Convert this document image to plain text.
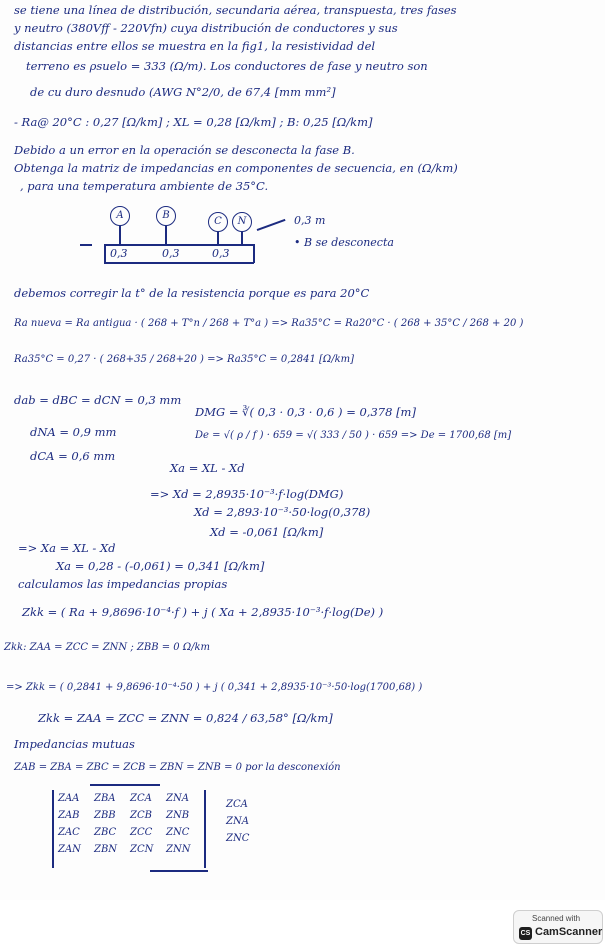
se tiene una línea de distribución, secundaria aérea, transpuesta, tres fases
y neutro (380Vff - 220Vfn) cuya distribución de conductores y sus
distancias entre ellos se muestra en la fig1, la resistividad del
terreno es ρsuelo = 333 (Ω/m). Los conductores de fase y neutro son
de cu duro desnudo (AWG N°2/0, de 67,4 [mm mm²]
- Ra@ 20°C : 0,27 [Ω/km] ; XL = 0,28 [Ω/km] ; B: 0,25 [Ω/km]
Debido a un error en la operación se desconecta la fase B.
Obtenga la matriz de impedancias en componentes de secuencia, en (Ω/km)
, para una temperatura ambiente de 35°C.
A	B
C	N
0,3	0,3	0,3
0,3 m
• B se desconecta
debemos corregir la t° de la resistencia porque es para 20°C
Ra nueva = Ra antigua · ( 268 + T°n / 268 + T°a ) => Ra35°C = Ra20°C · ( 268 + 35°C / 268 + 20 )
Ra35°C = 0,27 · ( 268+35 / 268+20 ) => Ra35°C = 0,2841 [Ω/km]
dab = dBC = dCN = 0,3 mm
DMG = ∛( 0,3 · 0,3 · 0,6 ) = 0,378 [m]
dNA = 0,9 mm	De = √( ρ / f ) · 659 = √( 333 / 50 ) · 659 => De = 1700,68 [m]
dCA = 0,6 mm
Xa = XL - Xd
=> Xd = 2,8935·10⁻³·f·log(DMG)
Xd = 2,893·10⁻³·50·log(0,378)
Xd = -0,061 [Ω/km]
=> Xa = XL - Xd
Xa = 0,28 - (-0,061) = 0,341 [Ω/km]
calculamos las impedancias propias
Zkk = ( Ra + 9,8696·10⁻⁴·f ) + j ( Xa + 2,8935·10⁻³·f·log(De) )
Zkk: ZAA = ZCC = ZNN ; ZBB = 0 Ω/km
=> Zkk = ( 0,2841 + 9,8696·10⁻⁴·50 ) + j ( 0,341 + 2,8935·10⁻³·50·log(1700,68) )
Zkk = ZAA = ZCC = ZNN = 0,824 / 63,58° [Ω/km]
Impedancias mutuas
ZAB = ZBA = ZBC = ZCB = ZBN = ZNB = 0 por la desconexión
ZAA	ZBA	ZCA	ZNA
ZAB	ZBB	ZCB	ZNB
ZAC	ZBC	ZCC	ZNC
ZAN	ZBN	ZCN	ZNN
ZCA
ZNA
ZNC
Scanned with
CS CamScanner
